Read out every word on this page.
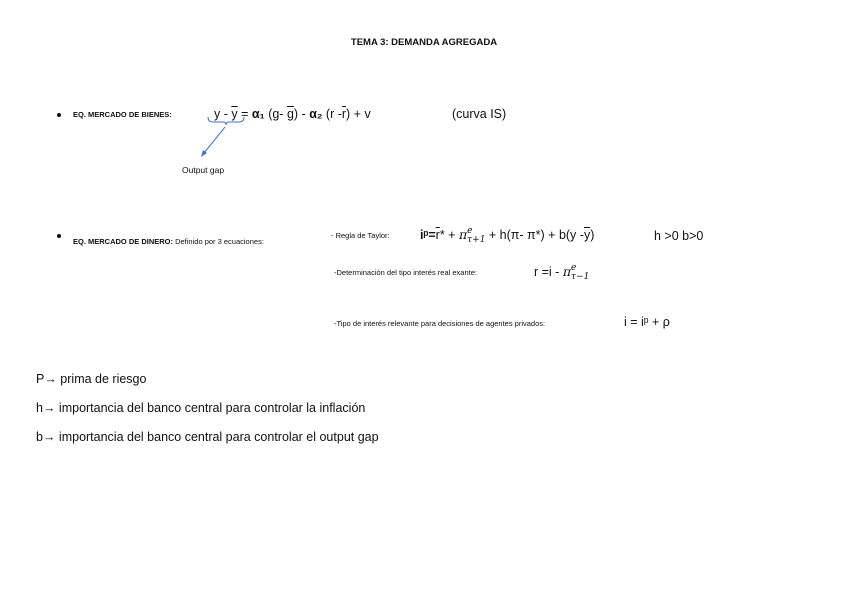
TEMA 3: DEMANDA AGREGADA
EQ. MERCADO DE BIENES:	$y - \overline{y} = \alpha_1$ (g- $\overline{g}) - \alpha_2$ (r $-\overline{r}) + v$	(curva IS)
Output gap
EQ. MERCADO DE DINERO: Definido por 3 ecuaciones:
- Regla de Taylor: $iᵖ=\overline{r}* + \pi$ e
τ+1 + h(π- π*) + b(y $-\overline{y}$)	h >0 b>0
-Determinación del tipo interés real exante:	r =i - π e
τ−1
-Tipo de interés relevante para decisiones de agentes privados:	i = iᵖ + ρ
P→ prima de riesgo
h→ importancia del banco central para controlar la inflación
b→ importancia del banco central para controlar el output gap
